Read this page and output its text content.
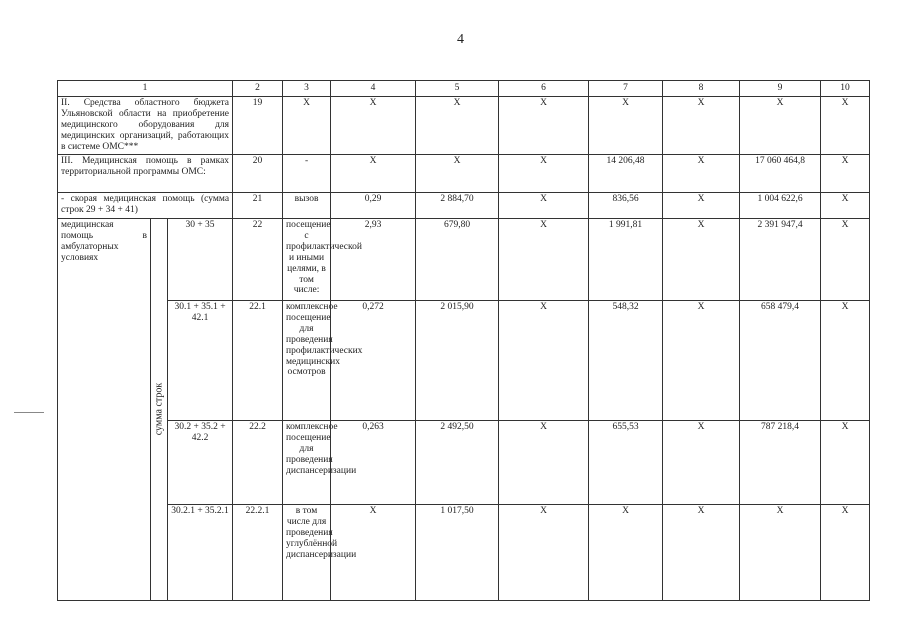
4
1			2	3	4	5	6	7	8	9	10
II. Средства областного бюджета Ульяновской области на приобретение медицинского оборудования для медицинских организаций, работающих в системе ОМС***			19	X	X	X	X	X	X	X	X
III. Медицинская помощь в рамках территориальной программы ОМС:			20	-	X	X	X	14 206,48	X	17 060 464,8	X
- скорая медицинская помощь (сумма строк 29 + 34 + 41)			21	вызов	0,29	2 884,70	X	836,56	X	1 004 622,6	X
медицинская помощь в амбулаторных условиях	сумма строк	30 + 35	22	посещение с профилактической и иными целями, в том числе:	2,93	679,80	X	1 991,81	X	2 391 947,4	X
		30.1 + 35.1 + 42.1	22.1	комплексное посещение для проведения профилактических медицинских осмотров	0,272	2 015,90	X	548,32	X	658 479,4	X
		30.2 + 35.2 + 42.2	22.2	комплексное посещение для проведения диспансеризации	0,263	2 492,50	X	655,53	X	787 218,4	X
		30.2.1 + 35.2.1	22.2.1	в том числе для проведения углублённой диспансеризации	X	1 017,50	X	X	X	X	X
